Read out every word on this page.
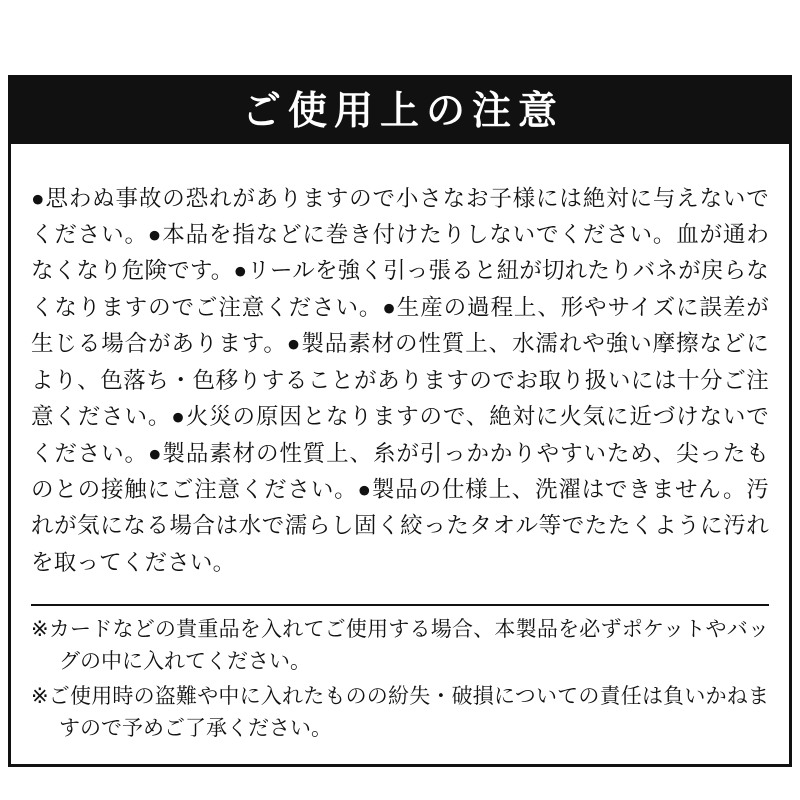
ご使用上の注意

●思わぬ事故の恐れがありますので小さなお子様には絶対に与えないでください。●本品を指などに巻き付けたりしないでください。血が通わなくなり危険です。●リールを強く引っ張ると紐が切れたりバネが戻らなくなりますのでご注意ください。●生産の過程上、形やサイズに誤差が生じる場合があります。●製品素材の性質上、水濡れや強い摩擦などにより、色落ち・色移りすることがありますのでお取り扱いには十分ご注意ください。●火災の原因となりますので、絶対に火気に近づけないでください。●製品素材の性質上、糸が引っかかりやすいため、尖ったものとの接触にご注意ください。●製品の仕様上、洗濯はできません。汚れが気になる場合は水で濡らし固く絞ったタオル等でたたくように汚れを取ってください。

※カードなどの貴重品を入れてご使用する場合、本製品を必ずポケットやバッグの中に入れてください。
※ご使用時の盗難や中に入れたものの紛失・破損についての責任は負いかねますので予めご了承ください。
